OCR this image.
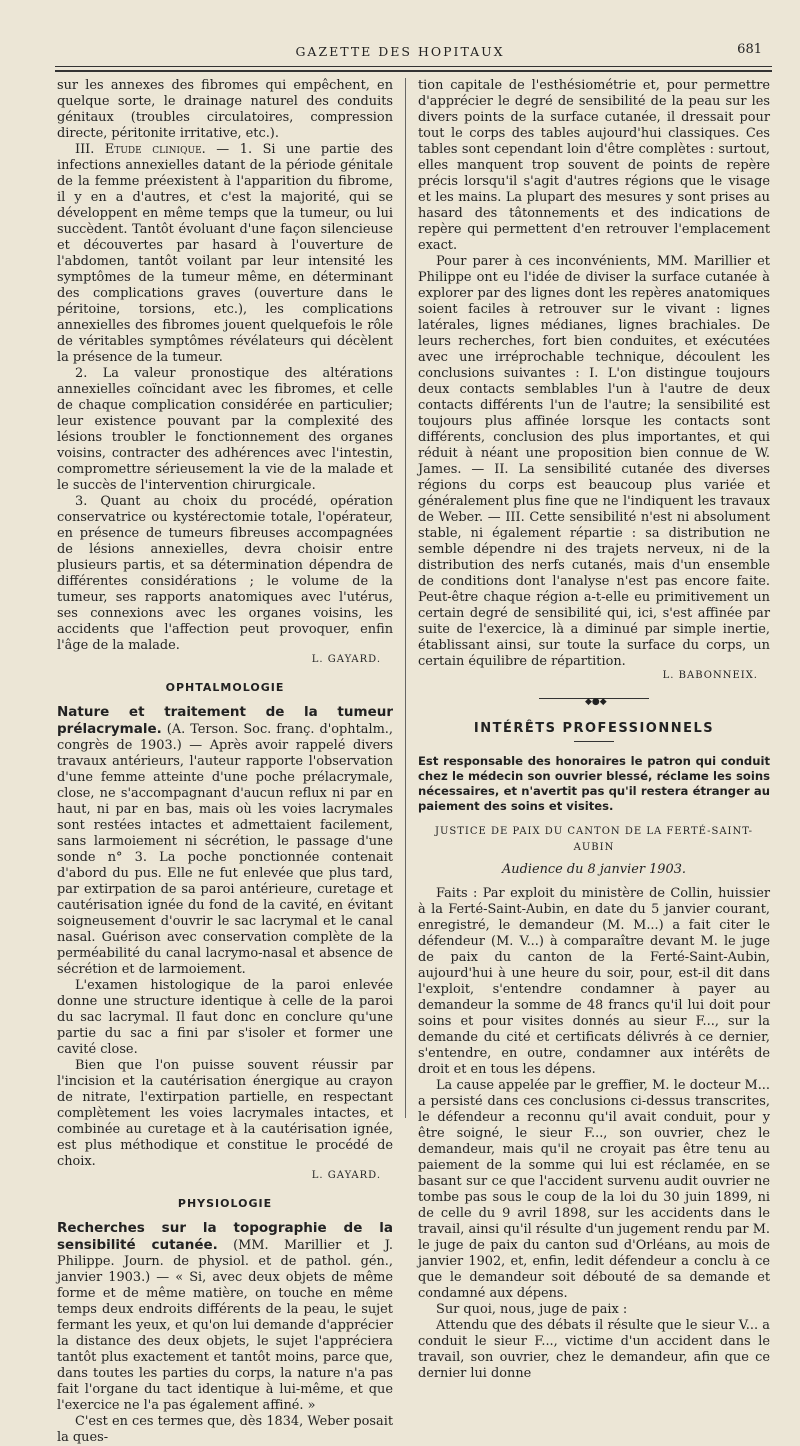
GAZETTE DES HOPITAUX	681

sur les annexes des fibromes qui empêchent, en quelque sorte, le drainage naturel des conduits génitaux (troubles circulatoires, compression directe, péritonite irritative, etc.).

III. Etude clinique. — 1. Si une partie des infections annexielles datant de la période génitale de la femme préexistent à l'apparition du fibrome, il y en a d'autres, et c'est la majorité, qui se développent en même temps que la tumeur, ou lui succèdent. Tantôt évoluant d'une façon silencieuse et découvertes par hasard à l'ouverture de l'abdomen, tantôt voilant par leur intensité les symptômes de la tumeur même, en déterminant des complications graves (ouverture dans le péritoine, torsions, etc.), les complications annexielles des fibromes jouent quelquefois le rôle de véritables symptômes révélateurs qui décèlent la présence de la tumeur.

2. La valeur pronostique des altérations annexielles coïncidant avec les fibromes, et celle de chaque complication considérée en particulier; leur existence pouvant par la complexité des lésions troubler le fonctionnement des organes voisins, contracter des adhérences avec l'intestin, compromettre sérieusement la vie de la malade et le succès de l'intervention chirurgicale.

3. Quant au choix du procédé, opération conservatrice ou kystérectomie totale, l'opérateur, en présence de tumeurs fibreuses accompagnées de lésions annexielles, devra choisir entre plusieurs partis, et sa détermination dépendra de différentes considérations ; le volume de la tumeur, ses rapports anatomiques avec l'utérus, ses connexions avec les organes voisins, les accidents que l'affection peut provoquer, enfin l'âge de la malade.

L. GAYARD.
OPHTALMOLOGIE

Nature et traitement de la tumeur prélacrymale. (A. Terson. Soc. franç. d'ophtalm., congrès de 1903.) — Après avoir rappelé divers travaux antérieurs, l'auteur rapporte l'observation d'une femme atteinte d'une poche prélacrymale, close, ne s'accompagnant d'aucun reflux ni par en haut, ni par en bas, mais où les voies lacrymales sont restées intactes et admettaient facilement, sans larmoiement ni sécrétion, le passage d'une sonde n° 3. La poche ponctionnée contenait d'abord du pus. Elle ne fut enlevée que plus tard, par extirpation de sa paroi antérieure, curetage et cautérisation ignée du fond de la cavité, en évitant soigneusement d'ouvrir le sac lacrymal et le canal nasal. Guérison avec conservation complète de la perméabilité du canal lacrymo-nasal et absence de sécrétion et de larmoiement.

L'examen histologique de la paroi enlevée donne une structure identique à celle de la paroi du sac lacrymal. Il faut donc en conclure qu'une partie du sac a fini par s'isoler et former une cavité close.

Bien que l'on puisse souvent réussir par l'incision et la cautérisation énergique au crayon de nitrate, l'extirpation partielle, en respectant complètement les voies lacrymales intactes, et combinée au curetage et à la cautérisation ignée, est plus méthodique et constitue le procédé de choix.

L. GAYARD.
PHYSIOLOGIE

Recherches sur la topographie de la sensibilité cutanée. (MM. Marillier et J. Philippe. Journ. de physiol. et de pathol. gén., janvier 1903.) — « Si, avec deux objets de même forme et de même matière, on touche en même temps deux endroits différents de la peau, le sujet fermant les yeux, et qu'on lui demande d'apprécier la distance des deux objets, le sujet l'appréciera tantôt plus exactement et tantôt moins, parce que, dans toutes les parties du corps, la nature n'a pas fait l'organe du tact identique à lui-même, et que l'exercice ne l'a pas également affiné. »

C'est en ces termes que, dès 1834, Weber posait la ques-

tion capitale de l'esthésiométrie et, pour permettre d'apprécier le degré de sensibilité de la peau sur les divers points de la surface cutanée, il dressait pour tout le corps des tables aujourd'hui classiques. Ces tables sont cependant loin d'être complètes : surtout, elles manquent trop souvent de points de repère précis lorsqu'il s'agit d'autres régions que le visage et les mains. La plupart des mesures y sont prises au hasard des tâtonnements et des indications de repère qui permettent d'en retrouver l'emplacement exact.

Pour parer à ces inconvénients, MM. Marillier et Philippe ont eu l'idée de diviser la surface cutanée à explorer par des lignes dont les repères anatomiques soient faciles à retrouver sur le vivant : lignes latérales, lignes médianes, lignes brachiales. De leurs recherches, fort bien conduites, et exécutées avec une irréprochable technique, découlent les conclusions suivantes : I. L'on distingue toujours deux contacts semblables l'un à l'autre de deux contacts différents l'un de l'autre; la sensibilité est toujours plus affinée lorsque les contacts sont différents, conclusion des plus importantes, et qui réduit à néant une proposition bien connue de W. James. — II. La sensibilité cutanée des diverses régions du corps est beaucoup plus variée et généralement plus fine que ne l'indiquent les travaux de Weber. — III. Cette sensibilité n'est ni absolument stable, ni également répartie : sa distribution ne semble dépendre ni des trajets nerveux, ni de la distribution des nerfs cutanés, mais d'un ensemble de conditions dont l'analyse n'est pas encore faite. Peut-être chaque région a-t-elle eu primitivement un certain degré de sensibilité qui, ici, s'est affinée par suite de l'exercice, là a diminué par simple inertie, établissant ainsi, sur toute la surface du corps, un certain équilibre de répartition.

L. BABONNEIX.
◆●◆
INTÉRÊTS PROFESSIONNELS

Est responsable des honoraires le patron qui conduit chez le médecin son ouvrier blessé, réclame les soins nécessaires, et n'avertit pas qu'il restera étranger au paiement des soins et visites.

JUSTICE DE PAIX DU CANTON DE LA FERTÉ-SAINT-AUBIN
Audience du 8 janvier 1903.

Faits : Par exploit du ministère de Collin, huissier à la Ferté-Saint-Aubin, en date du 5 janvier courant, enregistré, le demandeur (M. M...) a fait citer le défendeur (M. V...) à comparaître devant M. le juge de paix du canton de la Ferté-Saint-Aubin, aujourd'hui à une heure du soir, pour, est-il dit dans l'exploit, s'entendre condamner à payer au demandeur la somme de 48 francs qu'il lui doit pour soins et pour visites donnés au sieur F..., sur la demande du cité et certificats délivrés à ce dernier, s'entendre, en outre, condamner aux intérêts de droit et en tous les dépens.

La cause appelée par le greffier, M. le docteur M... a persisté dans ces conclusions ci-dessus transcrites, le défendeur a reconnu qu'il avait conduit, pour y être soigné, le sieur F..., son ouvrier, chez le demandeur, mais qu'il ne croyait pas être tenu au paiement de la somme qui lui est réclamée, en se basant sur ce que l'accident survenu audit ouvrier ne tombe pas sous le coup de la loi du 30 juin 1899, ni de celle du 9 avril 1898, sur les accidents dans le travail, ainsi qu'il résulte d'un jugement rendu par M. le juge de paix du canton sud d'Orléans, au mois de janvier 1902, et, enfin, ledit défendeur a conclu à ce que le demandeur soit débouté de sa demande et condamné aux dépens.

Sur quoi, nous, juge de paix :

Attendu que des débats il résulte que le sieur V... a conduit le sieur F..., victime d'un accident dans le travail, son ouvrier, chez le demandeur, afin que ce dernier lui donne
